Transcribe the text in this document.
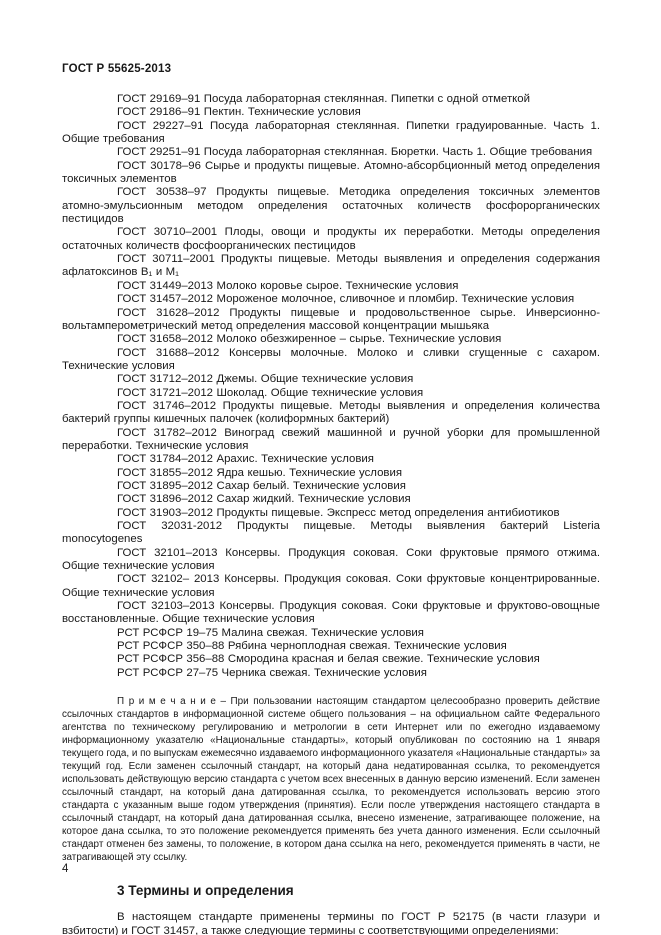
ГОСТ Р 55625-2013

ГОСТ 29169–91 Посуда лабораторная стеклянная. Пипетки с одной отметкой

ГОСТ 29186–91 Пектин. Технические условия

ГОСТ 29227–91 Посуда лабораторная стеклянная. Пипетки градуированные. Часть 1. Общие требования

ГОСТ 29251–91 Посуда лабораторная стеклянная. Бюретки. Часть 1. Общие требования

ГОСТ 30178–96 Сырье и продукты пищевые. Атомно-абсорбционный метод определения токсичных элементов

ГОСТ 30538–97 Продукты пищевые. Методика определения токсичных элементов атомно-эмульсионным методом определения остаточных количеств фосфорорганических пестицидов

ГОСТ 30710–2001 Плоды, овощи и продукты их переработки. Методы определения остаточных количеств фосфоорганических пестицидов

ГОСТ 30711–2001 Продукты пищевые. Методы выявления и определения содержания афлатоксинов В₁ и М₁

ГОСТ 31449–2013 Молоко коровье сырое. Технические условия

ГОСТ 31457–2012 Мороженое молочное, сливочное и пломбир. Технические условия

ГОСТ 31628–2012 Продукты пищевые и продовольственное сырье. Инверсионно-вольтамперометрический метод определения массовой концентрации мышьяка

ГОСТ 31658–2012 Молоко обезжиренное – сырье. Технические условия

ГОСТ 31688–2012 Консервы молочные. Молоко и сливки сгущенные с сахаром. Технические условия

ГОСТ 31712–2012 Джемы. Общие технические условия

ГОСТ 31721–2012 Шоколад. Общие технические условия

ГОСТ 31746–2012 Продукты пищевые. Методы выявления и определения количества бактерий группы кишечных палочек (колиформных бактерий)

ГОСТ 31782–2012 Виноград свежий машинной и ручной уборки для промышленной переработки. Технические условия

ГОСТ 31784–2012 Арахис. Технические условия

ГОСТ 31855–2012 Ядра кешью. Технические условия

ГОСТ 31895–2012 Сахар белый. Технические условия

ГОСТ 31896–2012 Сахар жидкий. Технические условия

ГОСТ 31903–2012 Продукты пищевые. Экспресс метод определения антибиотиков

ГОСТ 32031-2012 Продукты пищевые. Методы выявления бактерий Listeria monocytogenes

ГОСТ 32101–2013 Консервы. Продукция соковая. Соки фруктовые прямого отжима. Общие технические условия

ГОСТ 32102– 2013 Консервы. Продукция соковая. Соки фруктовые концентрированные. Общие технические условия

ГОСТ 32103–2013 Консервы. Продукция соковая. Соки фруктовые и фруктово-овощные восстановленные. Общие технические условия

РСТ РСФСР 19–75 Малина свежая. Технические условия

РСТ РСФСР 350–88 Рябина черноплодная свежая. Технические условия

РСТ РСФСР 356–88 Смородина красная и белая свежие. Технические условия

РСТ РСФСР 27–75 Черника свежая. Технические условия

П р и м е ч а н и е – При пользовании настоящим стандартом целесообразно проверить действие ссылочных стандартов в информационной системе общего пользования – на официальном сайте Федерального агентства по техническому регулированию и метрологии в сети Интернет или по ежегодно издаваемому информационному указателю «Национальные стандарты», который опубликован по состоянию на 1 января текущего года, и по выпускам ежемесячно издаваемого информационного указателя «Национальные стандарты» за текущий год. Если заменен ссылочный стандарт, на который дана недатированная ссылка, то рекомендуется использовать действующую версию стандарта с учетом всех внесенных в данную версию изменений. Если заменен ссылочный стандарт, на который дана датированная ссылка, то рекомендуется использовать версию этого стандарта с указанным выше годом утверждения (принятия). Если после утверждения настоящего стандарта в ссылочный стандарт, на который дана датированная ссылка, внесено изменение, затрагивающее положение, на которое дана ссылка, то это положение рекомендуется применять без учета данного изменения. Если ссылочный стандарт отменен без замены, то положение, в котором дана ссылка на него, рекомендуется применять в части, не затрагивающей эту ссылку.

3 Термины и определения

В настоящем стандарте применены термины по ГОСТ Р 52175 (в части глазури и взбитости) и ГОСТ 31457, а также следующие термины с соответствующими определениями:

4
